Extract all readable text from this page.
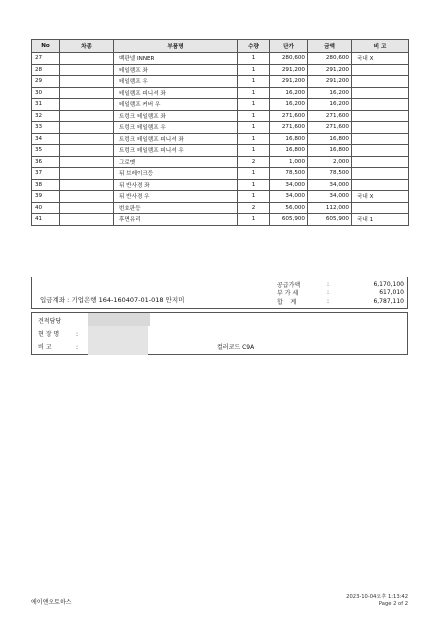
No	차종	부품명	수량	단가	금액	비 고
27		백판넬 INNER	1	280,600	280,600	국내 X
28		테일램프 좌	1	291,200	291,200	
29		테일램프 우	1	291,200	291,200	
30		테일램프 피니셔 좌	1	16,200	16,200	
31		테일램프 커버 우	1	16,200	16,200	
32		트렁크 테일램프 좌	1	271,600	271,600	
33		트렁크 테일램프 우	1	271,600	271,600	
34		트렁크 테일램프 피니셔 좌	1	16,800	16,800	
35		트렁크 테일램프 피니셔 우	1	16,800	16,800	
36		그로멧	2	1,000	2,000	
37		뒤 브레이크등	1	78,500	78,500	
38		뒤 반사경 좌	1	34,000	34,000	
39		뒤 반사경 우	1	34,000	34,000	국내 X
40		번호판등	2	56,000	112,000	
41		후면유리	1	605,900	605,900	국내 1
공급가액	:	6,170,100
부 가 세	:	617,010
합    계	:	6,787,110
입금계좌 : 기업은행 164-160407-01-018 안지미
견적담당
현 장 명	:
비 고	:	컬러코드 C9A
에이앤오토하스
2023-10-04오후 1:13:42
Page 2 of 2
